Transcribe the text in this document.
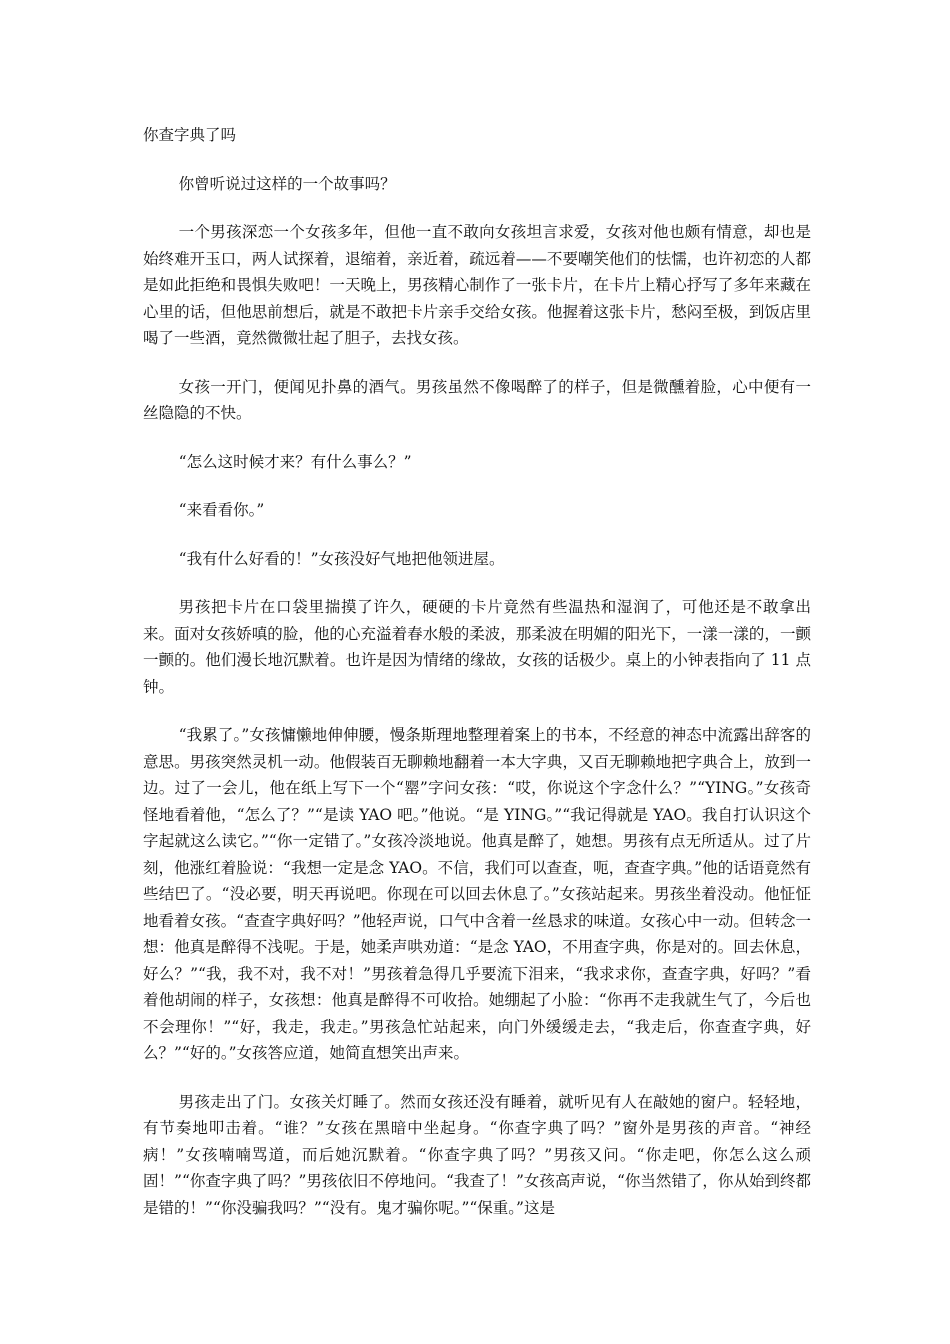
你查字典了吗

你曾听说过这样的一个故事吗？

一个男孩深恋一个女孩多年，但他一直不敢向女孩坦言求爱，女孩对他也颇有情意，却也是始终难开玉口，两人试探着，退缩着，亲近着，疏远着——不要嘲笑他们的怯懦，也许初恋的人都是如此拒绝和畏惧失败吧！一天晚上，男孩精心制作了一张卡片，在卡片上精心抒写了多年来藏在心里的话，但他思前想后，就是不敢把卡片亲手交给女孩。他握着这张卡片，愁闷至极，到饭店里喝了一些酒，竟然微微壮起了胆子，去找女孩。

女孩一开门，便闻见扑鼻的酒气。男孩虽然不像喝醉了的样子，但是微醺着脸，心中便有一丝隐隐的不快。

“怎么这时候才来？有什么事么？”

“来看看你。”

“我有什么好看的！”女孩没好气地把他领进屋。

男孩把卡片在口袋里揣摸了许久，硬硬的卡片竟然有些温热和湿润了，可他还是不敢拿出来。面对女孩娇嗔的脸，他的心充溢着春水般的柔波，那柔波在明媚的阳光下，一漾一漾的，一颤一颤的。他们漫长地沉默着。也许是因为情绪的缘故，女孩的话极少。桌上的小钟表指向了 11 点钟。

“我累了。”女孩慵懒地伸伸腰，慢条斯理地整理着案上的书本，不经意的神态中流露出辞客的意思。男孩突然灵机一动。他假装百无聊赖地翻着一本大字典，又百无聊赖地把字典合上，放到一边。过了一会儿，他在纸上写下一个“罂”字问女孩：“哎，你说这个字念什么？”“YING。”女孩奇怪地看着他，“怎么了？”“是读 YAO 吧。”他说。“是 YING。”“我记得就是 YAO。我自打认识这个字起就这么读它。”“你一定错了。”女孩冷淡地说。他真是醉了，她想。男孩有点无所适从。过了片刻，他涨红着脸说：“我想一定是念 YAO。不信，我们可以查查，呃，查查字典。”他的话语竟然有些结巴了。“没必要，明天再说吧。你现在可以回去休息了。”女孩站起来。男孩坐着没动。他怔怔地看着女孩。“查查字典好吗？”他轻声说，口气中含着一丝恳求的味道。女孩心中一动。但转念一想：他真是醉得不浅呢。于是，她柔声哄劝道：“是念 YAO，不用查字典，你是对的。回去休息，好么？”“我，我不对，我不对！”男孩着急得几乎要流下泪来，“我求求你，查查字典，好吗？”看着他胡闹的样子，女孩想：他真是醉得不可收拾。她绷起了小脸：“你再不走我就生气了，今后也不会理你！”“好，我走，我走。”男孩急忙站起来，向门外缓缓走去，“我走后，你查查字典，好么？”“好的。”女孩答应道，她简直想笑出声来。

男孩走出了门。女孩关灯睡了。然而女孩还没有睡着，就听见有人在敲她的窗户。轻轻地，有节奏地叩击着。“谁？”女孩在黑暗中坐起身。“你查字典了吗？”窗外是男孩的声音。“神经病！”女孩喃喃骂道，而后她沉默着。“你查字典了吗？”男孩又问。“你走吧，你怎么这么顽固！”“你查字典了吗？”男孩依旧不停地问。“我查了！”女孩高声说，“你当然错了，你从始到终都是错的！”“你没骗我吗？”“没有。鬼才骗你呢。”“保重。”这是
